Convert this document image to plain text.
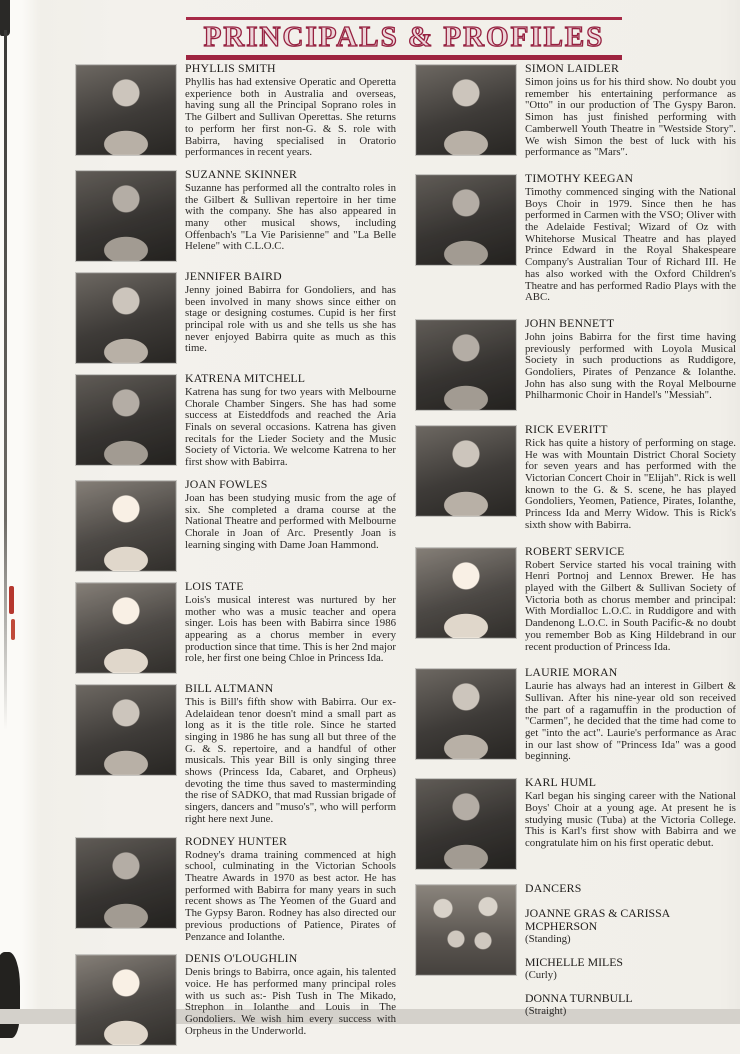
PRINCIPALS & PROFILES
PHYLLIS SMITH
Phyllis has had extensive Operatic and Operetta experience both in Australia and overseas, having sung all the Principal Soprano roles in The Gilbert and Sullivan Operettas. She returns to perform her first non-G. & S. role with Babirra, having specialised in Oratorio performances in recent years.
SUZANNE SKINNER
Suzanne has performed all the contralto roles in the Gilbert & Sullivan repertoire in her time with the company. She has also appeared in many other musical shows, including Offenbach's "La Vie Parisienne" and "La Belle Helene" with C.L.O.C.
JENNIFER BAIRD
Jenny joined Babirra for Gondoliers, and has been involved in many shows since either on stage or designing costumes. Cupid is her first principal role with us and she tells us she has never enjoyed Babirra quite as much as this time.
KATRENA MITCHELL
Katrena has sung for two years with Melbourne Chorale Chamber Singers. She has had some success at Eisteddfods and reached the Aria Finals on several occasions. Katrena has given recitals for the Lieder Society and the Music Society of Victoria. We welcome Katrena to her first show with Babirra.
JOAN FOWLES
Joan has been studying music from the age of six. She completed a drama course at the National Theatre and performed with Melbourne Chorale in Joan of Arc. Presently Joan is learning singing with Dame Joan Hammond.
LOIS TATE
Lois's musical interest was nurtured by her mother who was a music teacher and opera singer. Lois has been with Babirra since 1986 appearing as a chorus member in every production since that time. This is her 2nd major role, her first one being Chloe in Princess Ida.
BILL ALTMANN
This is Bill's fifth show with Babirra. Our ex-Adelaidean tenor doesn't mind a small part as long as it is the title role. Since he started singing in 1986 he has sung all but three of the G. & S. repertoire, and a handful of other musicals. This year Bill is only singing three shows (Princess Ida, Cabaret, and Orpheus) devoting the time thus saved to masterminding the rise of SADKO, that mad Russian brigade of singers, dancers and "muso's", who will perform right here next June.
RODNEY HUNTER
Rodney's drama training commenced at high school, culminating in the Victorian Schools Theatre Awards in 1970 as best actor. He has performed with Babirra for many years in such recent shows as The Yeomen of the Guard and The Gypsy Baron. Rodney has also directed our previous productions of Patience, Pirates of Penzance and Iolanthe.
DENIS O'LOUGHLIN
Denis brings to Babirra, once again, his talented voice. He has performed many principal roles with us such as:- Pish Tush in The Mikado, Strephon in Iolanthe and Louis in The Gondoliers. We wish him every success with Orpheus in the Underworld.
SIMON LAIDLER
Simon joins us for his third show. No doubt you remember his entertaining performance as "Otto" in our production of The Gyspy Baron. Simon has just finished performing with Camberwell Youth Theatre in "Westside Story". We wish Simon the best of luck with his performance as "Mars".
TIMOTHY KEEGAN
Timothy commenced singing with the National Boys Choir in 1979. Since then he has performed in Carmen with the VSO; Oliver with the Adelaide Festival; Wizard of Oz with Whitehorse Musical Theatre and has played Prince Edward in the Royal Shakespeare Company's Australian Tour of Richard III. He has also worked with the Oxford Children's Theatre and has performed Radio Plays with the ABC.
JOHN BENNETT
John joins Babirra for the first time having previously performed with Loyola Musical Society in such productions as Ruddigore, Gondoliers, Pirates of Penzance & Iolanthe. John has also sung with the Royal Melbourne Philharmonic Choir in Handel's "Messiah".
RICK EVERITT
Rick has quite a history of performing on stage. He was with Mountain District Choral Society for seven years and has performed with the Victorian Concert Choir in "Elijah". Rick is well known to the G. & S. scene, he has played Gondoliers, Yeomen, Patience, Pirates, Iolanthe, Princess Ida and Merry Widow. This is Rick's sixth show with Babirra.
ROBERT SERVICE
Robert Service started his vocal training with Henri Portnoj and Lennox Brewer. He has played with the Gilbert & Sullivan Society of Victoria both as chorus member and principal: With Mordialloc L.O.C. in Ruddigore and with Dandenong L.O.C. in South Pacific-& no doubt you remember Bob as King Hildebrand in our recent production of Princess Ida.
LAURIE MORAN
Laurie has always had an interest in Gilbert & Sullivan. After his nine-year old son received the part of a ragamuffin in the production of "Carmen", he decided that the time had come to get "into the act". Laurie's performance as Arac in our last show of "Princess Ida" was a good beginning.
KARL HUML
Karl began his singing career with the National Boys' Choir at a young age. At present he is studying music (Tuba) at the Victoria College. This is Karl's first show with Babirra and we congratulate him on his first operatic debut.
DANCERS
JOANNE GRAS & CARISSA MCPHERSON
(Standing)
MICHELLE MILES
(Curly)
DONNA TURNBULL
(Straight)
